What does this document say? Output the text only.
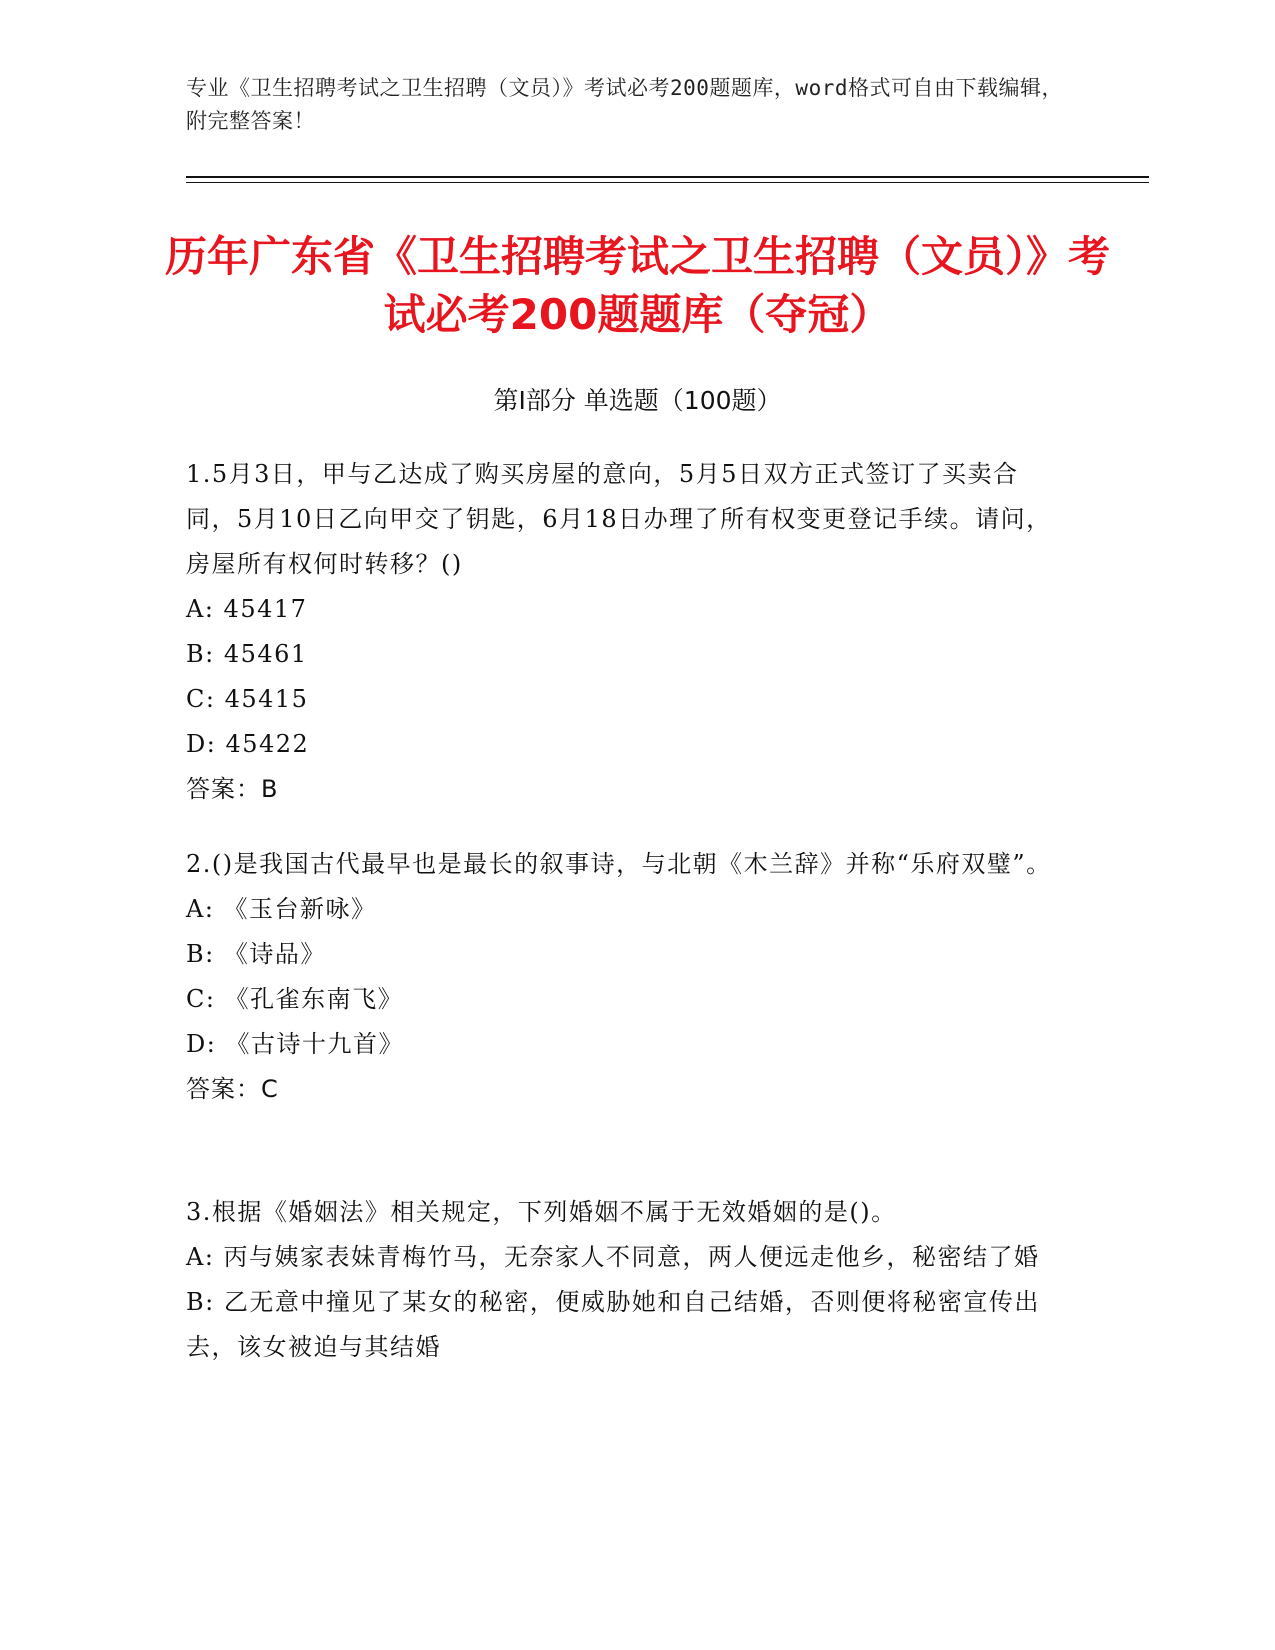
专业《卫生招聘考试之卫生招聘（文员）》考试必考200题题库，word格式可自由下载编辑，附完整答案！
历年广东省《卫生招聘考试之卫生招聘（文员）》考试必考200题题库（夺冠）
第I部分 单选题（100题）

1.5月3日，甲与乙达成了购买房屋的意向，5月5日双方正式签订了买卖合同，5月10日乙向甲交了钥匙，6月18日办理了所有权变更登记手续。请问，房屋所有权何时转移？()

A: 45417

B: 45461

C: 45415

D: 45422

答案：B

2.()是我国古代最早也是最长的叙事诗，与北朝《木兰辞》并称“乐府双璧”。

A: 《玉台新咏》

B: 《诗品》

C: 《孔雀东南飞》

D: 《古诗十九首》

答案：C

3.根据《婚姻法》相关规定，下列婚姻不属于无效婚姻的是()。

A: 丙与姨家表妹青梅竹马，无奈家人不同意，两人便远走他乡，秘密结了婚

B: 乙无意中撞见了某女的秘密，便威胁她和自己结婚，否则便将秘密宣传出去，该女被迫与其结婚
